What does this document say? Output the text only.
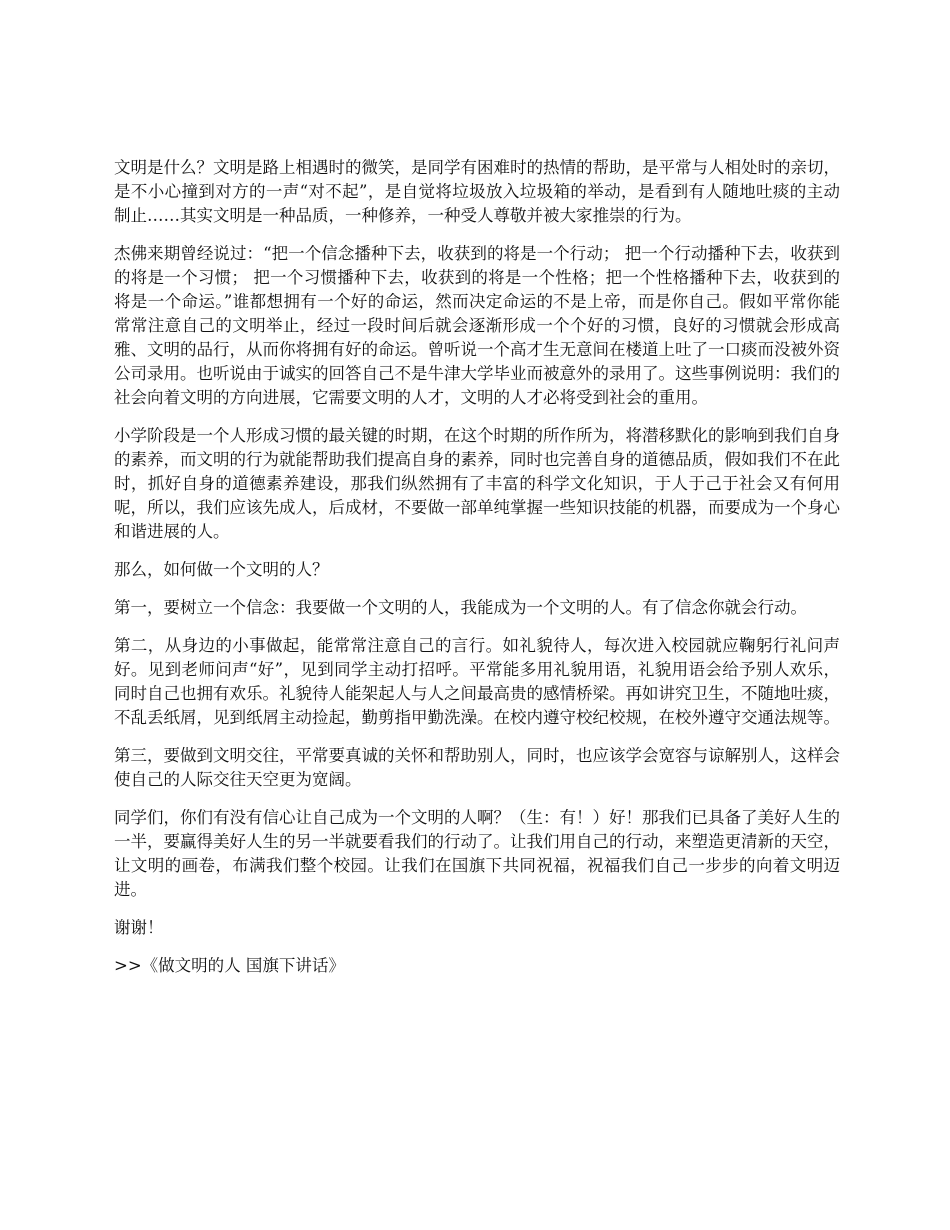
文明是什么？文明是路上相遇时的微笑，是同学有困难时的热情的帮助，是平常与人相处时的亲切，是不小心撞到对方的一声“对不起”，是自觉将垃圾放入垃圾箱的举动，是看到有人随地吐痰的主动制止……其实文明是一种品质，一种修养，一种受人尊敬并被大家推崇的行为。

杰佛来期曾经说过：“把一个信念播种下去，收获到的将是一个行动； 把一个行动播种下去，收获到的将是一个习惯； 把一个习惯播种下去，收获到的将是一个性格；把一个性格播种下去，收获到的将是一个命运。”谁都想拥有一个好的命运，然而决定命运的不是上帝，而是你自己。假如平常你能常常注意自己的文明举止，经过一段时间后就会逐渐形成一个个好的习惯，良好的习惯就会形成高雅、文明的品行，从而你将拥有好的命运。曾听说一个高才生无意间在楼道上吐了一口痰而没被外资公司录用。也听说由于诚实的回答自己不是牛津大学毕业而被意外的录用了。这些事例说明：我们的社会向着文明的方向进展，它需要文明的人才，文明的人才必将受到社会的重用。

小学阶段是一个人形成习惯的最关键的时期，在这个时期的所作所为，将潜移默化的影响到我们自身的素养，而文明的行为就能帮助我们提高自身的素养，同时也完善自身的道德品质，假如我们不在此时，抓好自身的道德素养建设，那我们纵然拥有了丰富的科学文化知识，于人于己于社会又有何用呢，所以，我们应该先成人，后成材，不要做一部单纯掌握一些知识技能的机器，而要成为一个身心和谐进展的人。

那么，如何做一个文明的人？

第一，要树立一个信念：我要做一个文明的人，我能成为一个文明的人。有了信念你就会行动。

第二，从身边的小事做起，能常常注意自己的言行。如礼貌待人，每次进入校园就应鞠躬行礼问声好。见到老师问声“好”，见到同学主动打招呼。平常能多用礼貌用语，礼貌用语会给予别人欢乐，同时自己也拥有欢乐。礼貌待人能架起人与人之间最高贵的感情桥梁。再如讲究卫生，不随地吐痰，不乱丢纸屑，见到纸屑主动捡起，勤剪指甲勤洗澡。在校内遵守校纪校规，在校外遵守交通法规等。

第三，要做到文明交往，平常要真诚的关怀和帮助别人，同时，也应该学会宽容与谅解别人，这样会使自己的人际交往天空更为宽阔。

同学们，你们有没有信心让自己成为一个文明的人啊？（生：有！）好！那我们已具备了美好人生的一半，要赢得美好人生的另一半就要看我们的行动了。让我们用自己的行动，来塑造更清新的天空，让文明的画卷，布满我们整个校园。让我们在国旗下共同祝福，祝福我们自己一步步的向着文明迈进。

谢谢！

>>《做文明的人 国旗下讲话》
